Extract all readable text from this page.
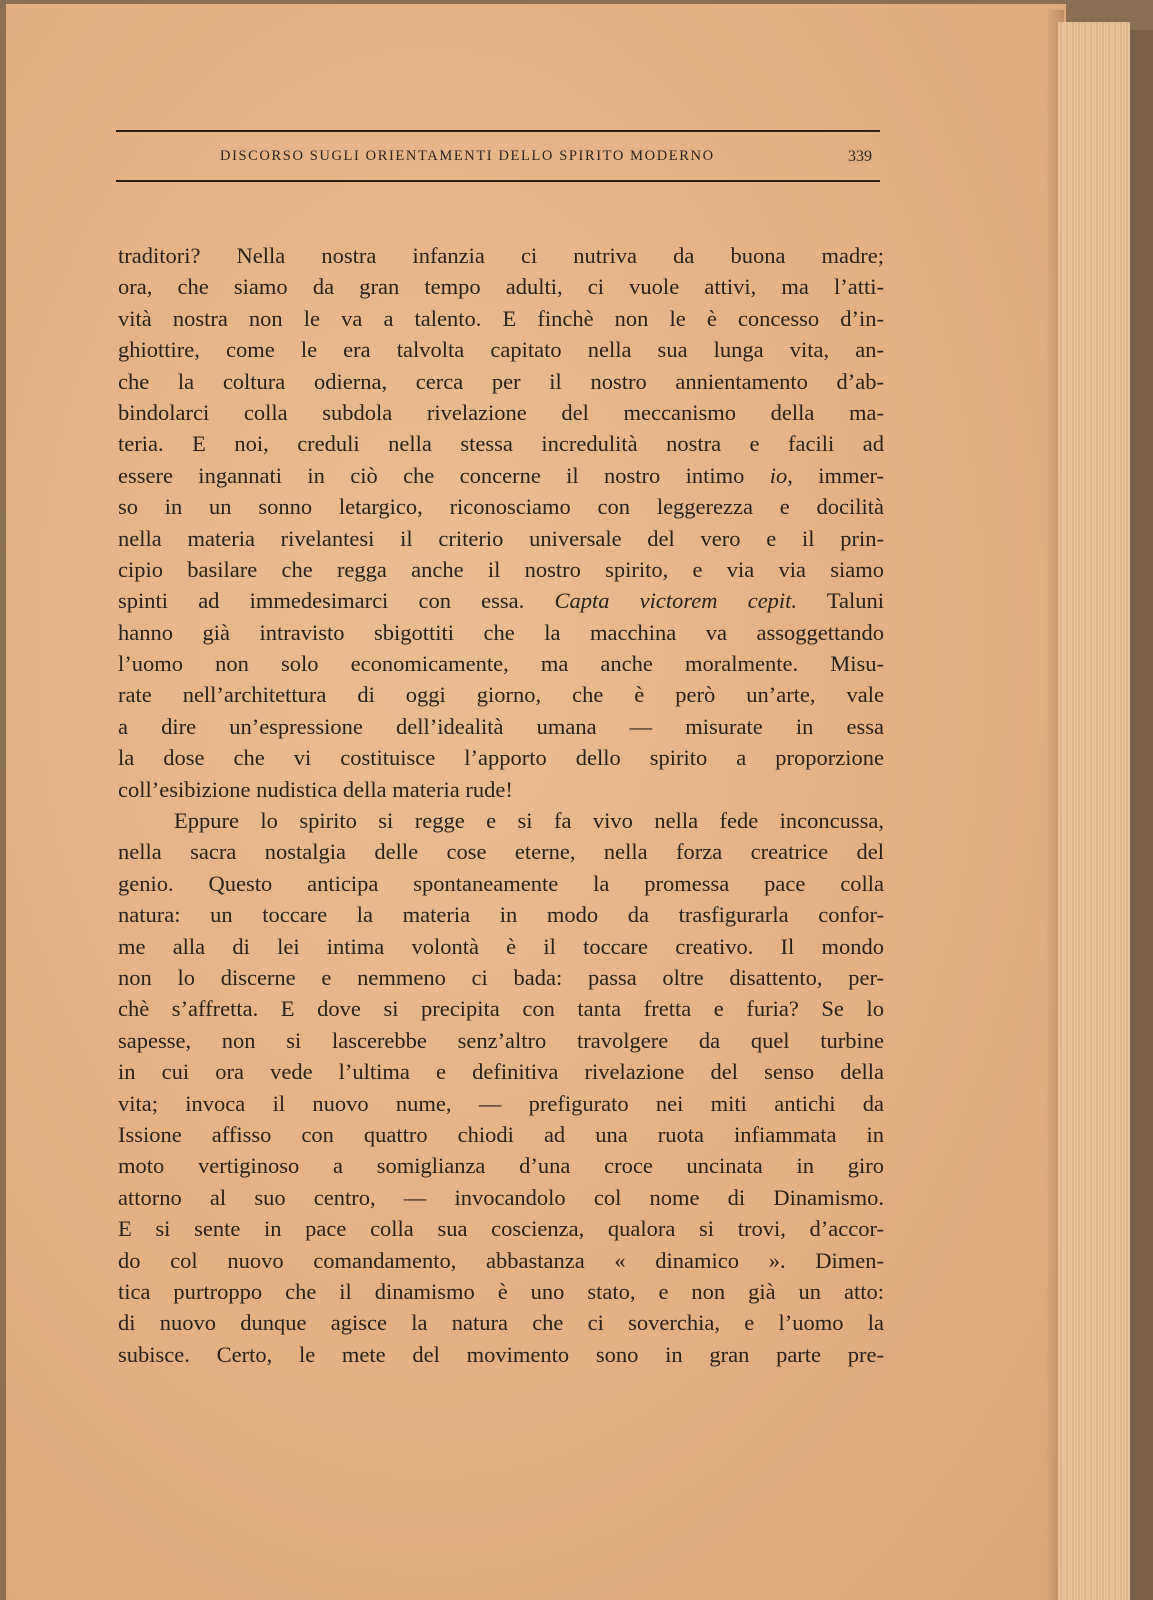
DISCORSO SUGLI ORIENTAMENTI DELLO SPIRITO MODERNO	339
traditori? Nella nostra infanzia ci nutriva da buona madre;
ora, che siamo da gran tempo adulti, ci vuole attivi, ma l’atti-
vità nostra non le va a talento. E finchè non le è concesso d’in-
ghiottire, come le era talvolta capitato nella sua lunga vita, an-
che la coltura odierna, cerca per il nostro annientamento d’ab-
bindolarci colla subdola rivelazione del meccanismo della ma-
teria. E noi, creduli nella stessa incredulità nostra e facili ad
essere ingannati in ciò che concerne il nostro intimo io, immer-
so in un sonno letargico, riconosciamo con leggerezza e docilità
nella materia rivelantesi il criterio universale del vero e il prin-
cipio basilare che regga anche il nostro spirito, e via via siamo
spinti ad immedesimarci con essa. Capta victorem cepit. Taluni
hanno già intravisto sbigottiti che la macchina va assoggettando
l’uomo non solo economicamente, ma anche moralmente. Misu-
rate nell’architettura di oggi giorno, che è però un’arte, vale
a dire un’espressione dell’idealità umana — misurate in essa
la dose che vi costituisce l’apporto dello spirito a proporzione
coll’esibizione nudistica della materia rude!
Eppure lo spirito si regge e si fa vivo nella fede inconcussa,
nella sacra nostalgia delle cose eterne, nella forza creatrice del
genio. Questo anticipa spontaneamente la promessa pace colla
natura: un toccare la materia in modo da trasfigurarla confor-
me alla di lei intima volontà è il toccare creativo. Il mondo
non lo discerne e nemmeno ci bada: passa oltre disattento, per-
chè s’affretta. E dove si precipita con tanta fretta e furia? Se lo
sapesse, non si lascerebbe senz’altro travolgere da quel turbine
in cui ora vede l’ultima e definitiva rivelazione del senso della
vita; invoca il nuovo nume, — prefigurato nei miti antichi da
Issione affisso con quattro chiodi ad una ruota infiammata in
moto vertiginoso a somiglianza d’una croce uncinata in giro
attorno al suo centro, — invocandolo col nome di Dinamismo.
E si sente in pace colla sua coscienza, qualora si trovi, d’accor-
do col nuovo comandamento, abbastanza « dinamico ». Dimen-
tica purtroppo che il dinamismo è uno stato, e non già un atto:
di nuovo dunque agisce la natura che ci soverchia, e l’uomo la
subisce. Certo, le mete del movimento sono in gran parte pre-
